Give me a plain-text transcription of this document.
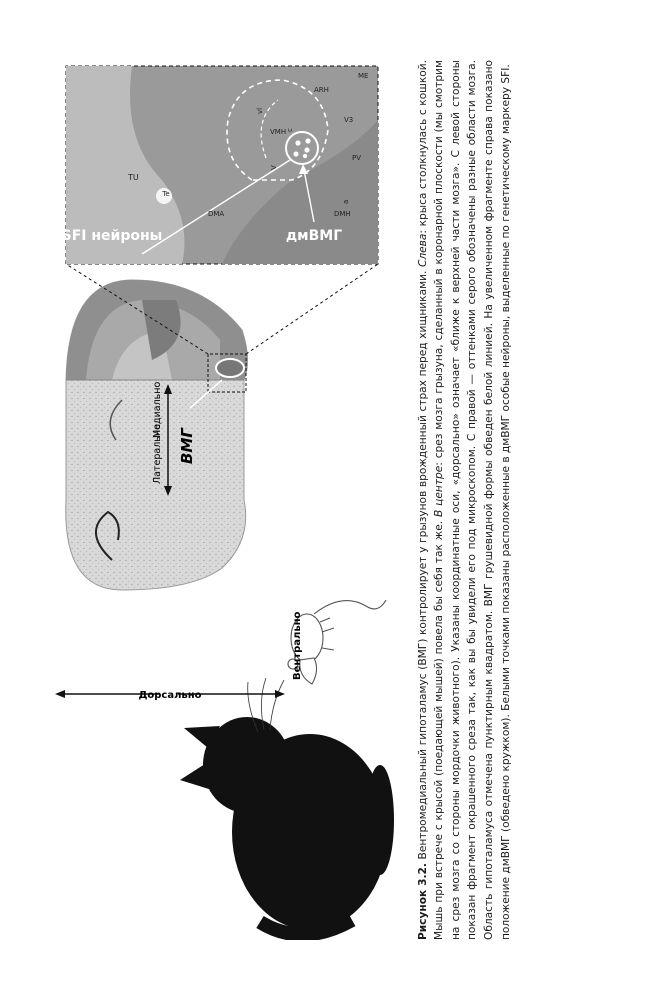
Дорсально
Вентрально
Латерально
Медиально
ВМГ
SFI нейроны	дмВМГ
DMH
DMA
a
Te
TU
V
VMH
vl
c
ARH
V3
ME
PV

Рисунок 3.2. Вентромедиальный гипоталамус (ВМГ) контролирует у грызунов врожденный страх перед хищниками. Слева: крыса столкнулась с кошкой. Мышь при встрече с крысой (поедающей мышей) повела бы себя так же. В центре: срез мозга грызуна, сделанный в коронарной плоскости (мы смотрим на срез мозга со стороны мордочки животного). Указаны координатные оси, «дорсально» означает «ближе к верхней части мозга». С левой стороны показан фрагмент окрашенного среза так, как вы бы увидели его под микроскопом. С правой — оттенками серого обозначены разные области мозга. Область гипоталамуса отмечена пунктирным квадратом. ВМГ грушевидной формы обведен белой линией. На увеличенном фрагменте справа показано положение дмВМГ (обведено кружком). Белыми точками показаны расположенные в дмВМГ особые нейроны, выделенные по генетическому маркеру SFI.
